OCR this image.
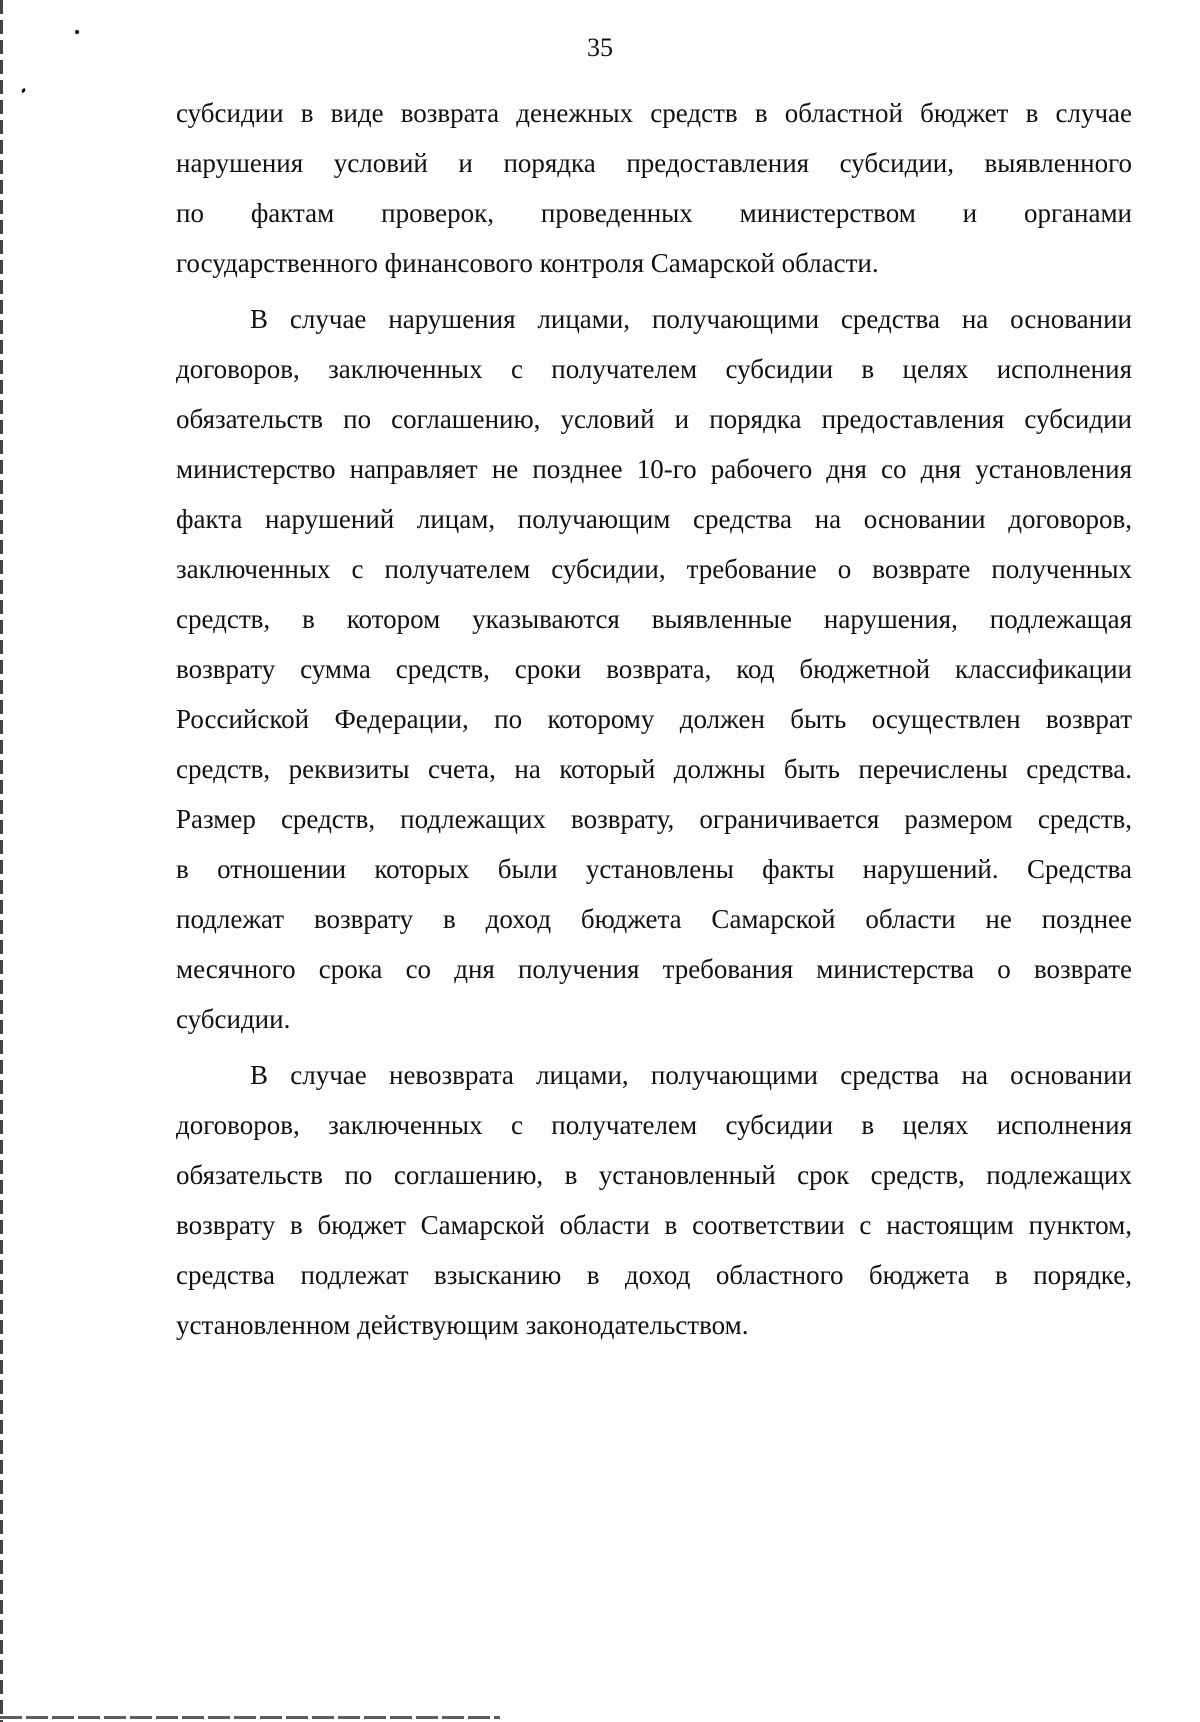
35
субсидии в виде возврата денежных средств в областной бюджет в случае
нарушения условий и порядка предоставления субсидии, выявленного
по фактам проверок, проведенных министерством и органами
государственного финансового контроля Самарской области.
В случае нарушения лицами, получающими средства на основании
договоров, заключенных с получателем субсидии в целях исполнения
обязательств по соглашению, условий и порядка предоставления субсидии
министерство направляет не позднее 10-го рабочего дня со дня установления
факта нарушений лицам, получающим средства на основании договоров,
заключенных с получателем субсидии, требование о возврате полученных
средств, в котором указываются выявленные нарушения, подлежащая
возврату сумма средств, сроки возврата, код бюджетной классификации
Российской Федерации, по которому должен быть осуществлен возврат
средств, реквизиты счета, на который должны быть перечислены средства.
Размер средств, подлежащих возврату, ограничивается размером средств,
в отношении которых были установлены факты нарушений. Средства
подлежат возврату в доход бюджета Самарской области не позднее
месячного срока со дня получения требования министерства о возврате
субсидии.
В случае невозврата лицами, получающими средства на основании
договоров, заключенных с получателем субсидии в целях исполнения
обязательств по соглашению, в установленный срок средств, подлежащих
возврату в бюджет Самарской области в соответствии с настоящим пунктом,
средства подлежат взысканию в доход областного бюджета в порядке,
установленном действующим законодательством.
